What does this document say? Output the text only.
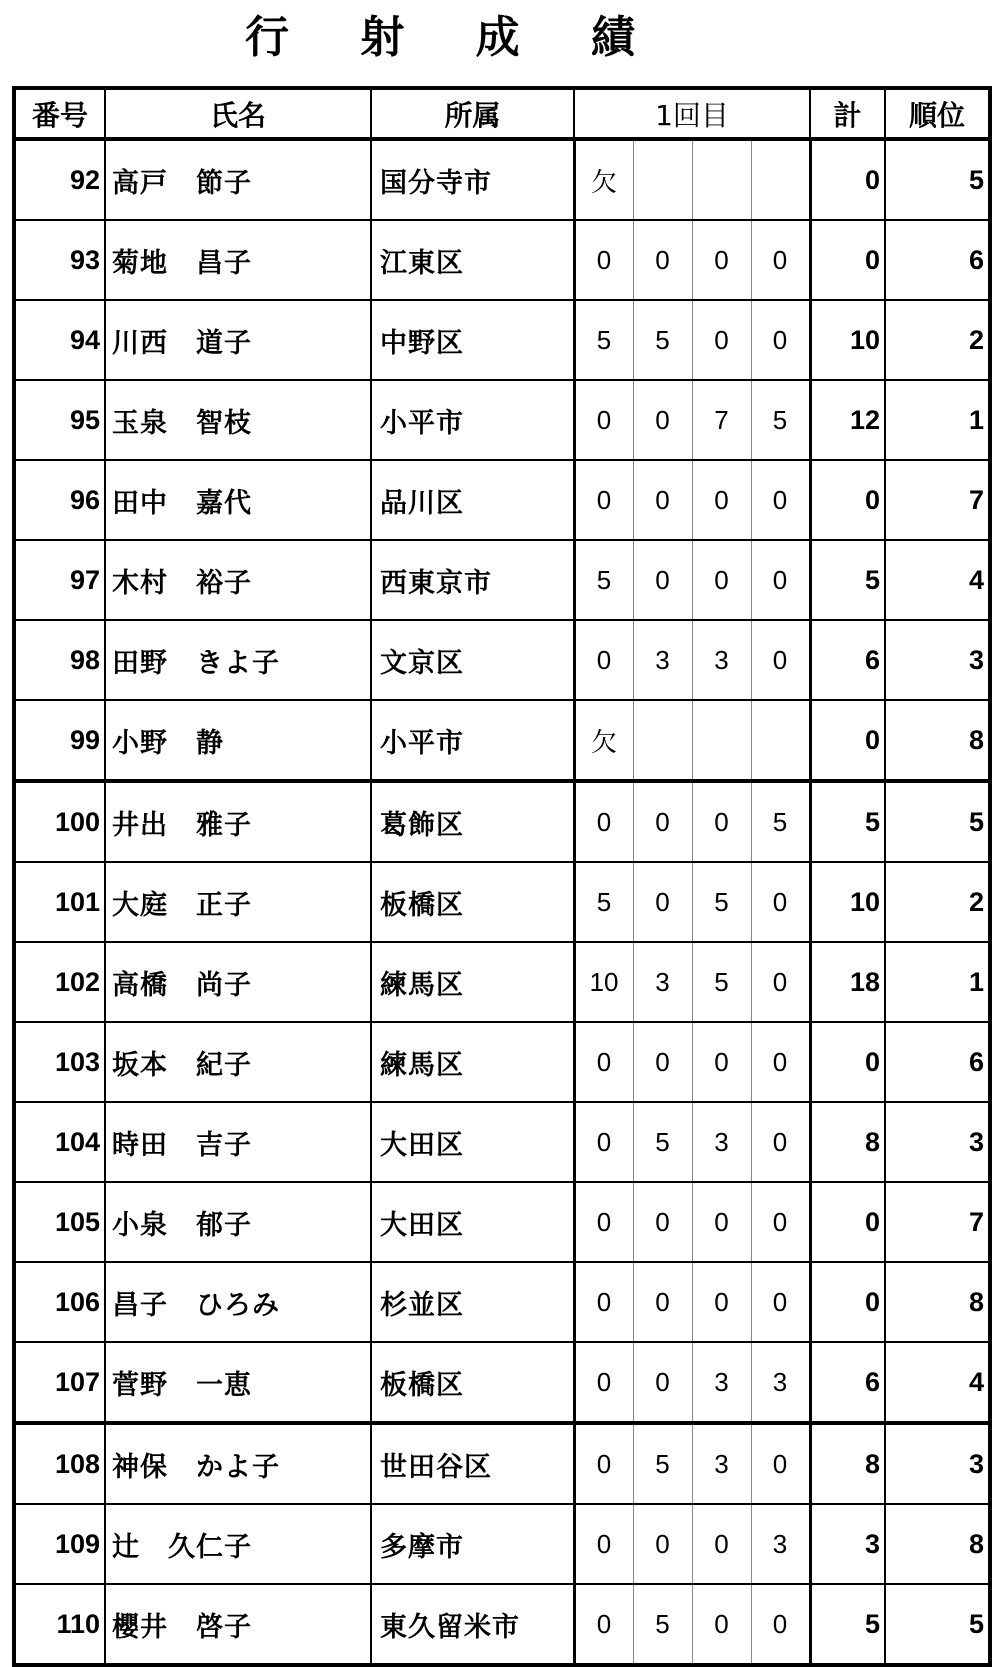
行 射 成 績
番号	氏名	所属	1回目				計	順位
92	高戸　節子	国分寺市	欠				0	5
93	菊地　昌子	江東区	0	0	0	0	0	6
94	川西　道子	中野区	5	5	0	0	10	2
95	玉泉　智枝	小平市	0	0	7	5	12	1
96	田中　嘉代	品川区	0	0	0	0	0	7
97	木村　裕子	西東京市	5	0	0	0	5	4
98	田野　きよ子	文京区	0	3	3	0	6	3
99	小野　静	小平市	欠				0	8
100	井出　雅子	葛飾区	0	0	0	5	5	5
101	大庭　正子	板橋区	5	0	5	0	10	2
102	高橋　尚子	練馬区	10	3	5	0	18	1
103	坂本　紀子	練馬区	0	0	0	0	0	6
104	時田　吉子	大田区	0	5	3	0	8	3
105	小泉　郁子	大田区	0	0	0	0	0	7
106	昌子　ひろみ	杉並区	0	0	0	0	0	8
107	菅野　一恵	板橋区	0	0	3	3	6	4
108	神保　かよ子	世田谷区	0	5	3	0	8	3
109	辻　久仁子	多摩市	0	0	0	3	3	8
110	櫻井　啓子	東久留米市	0	5	0	0	5	5
